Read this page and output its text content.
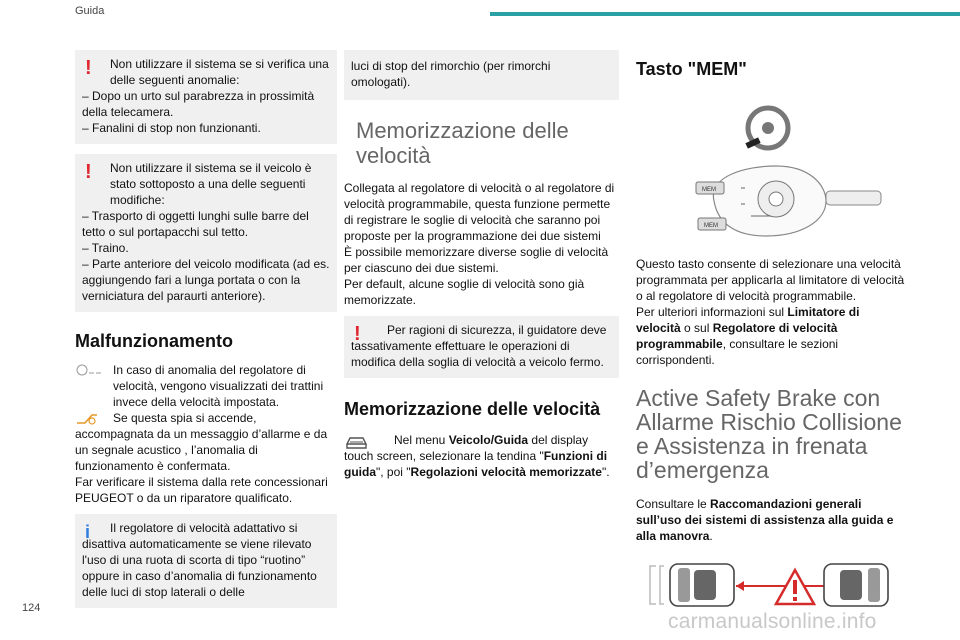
Guida
!	Non utilizzare il sistema se si verifica una delle seguenti anomalie:

– Dopo un urto sul parabrezza in prossimità della telecamera.

– Fanalini di stop non funzionanti.

!	Non utilizzare il sistema se il veicolo è stato sottoposto a una delle seguenti modifiche:

– Trasporto di oggetti lunghi sulle barre del tetto o sul portapacchi sul tetto.

– Traino.

– Parte anteriore del veicolo modificata (ad es. aggiungendo fari a lunga portata o con la verniciatura del paraurti anteriore).

Malfunzionamento

In caso di anomalia del regolatore di velocità, vengono visualizzati dei trattini invece della velocità impostata.

Se questa spia si accende, accompagnata da un messaggio d’allarme e da un segnale acustico , l’anomalia di funzionamento è confermata.

Far verificare il sistema dalla rete concessionari PEUGEOT o da un riparatore qualificato.

i	Il regolatore di velocità adattativo si disattiva automaticamente se viene rilevato l'uso di una ruota di scorta di tipo “ruotino” oppure in caso d’anomalia di funzionamento delle luci di stop laterali o delle

luci di stop del rimorchio (per rimorchi omologati).

Memorizzazione delle velocità

Collegata al regolatore di velocità o al regolatore di velocità programmabile, questa funzione permette di registrare le soglie di velocità che saranno poi proposte per la programmazione dei due sistemi

È possibile memorizzare diverse soglie di velocità per ciascuno dei due sistemi.

Per default, alcune soglie di velocità sono già memorizzate.

!	Per ragioni di sicurezza, il guidatore deve tassativamente effettuare le operazioni di modifica della soglia di velocità a veicolo fermo.

Memorizzazione delle velocità

Nel menu Veicolo/Guida del display touch screen, selezionare la tendina "Funzioni di guida", poi "Regolazioni velocità memorizzate".

Tasto "MEM"
MEM
MEM

Questo tasto consente di selezionare una velocità programmata per applicarla al limitatore di velocità o al regolatore di velocità programmabile.

Per ulteriori informazioni sul Limitatore di velocità o sul Regolatore di velocità programmabile, consultare le sezioni corrispondenti.

Active Safety Brake con Allarme Rischio Collisione e Assistenza in frenata d’emergenza

Consultare le Raccomandazioni generali sull’uso dei sistemi di assistenza alla guida e alla manovra.

124
carmanualsonline.info
